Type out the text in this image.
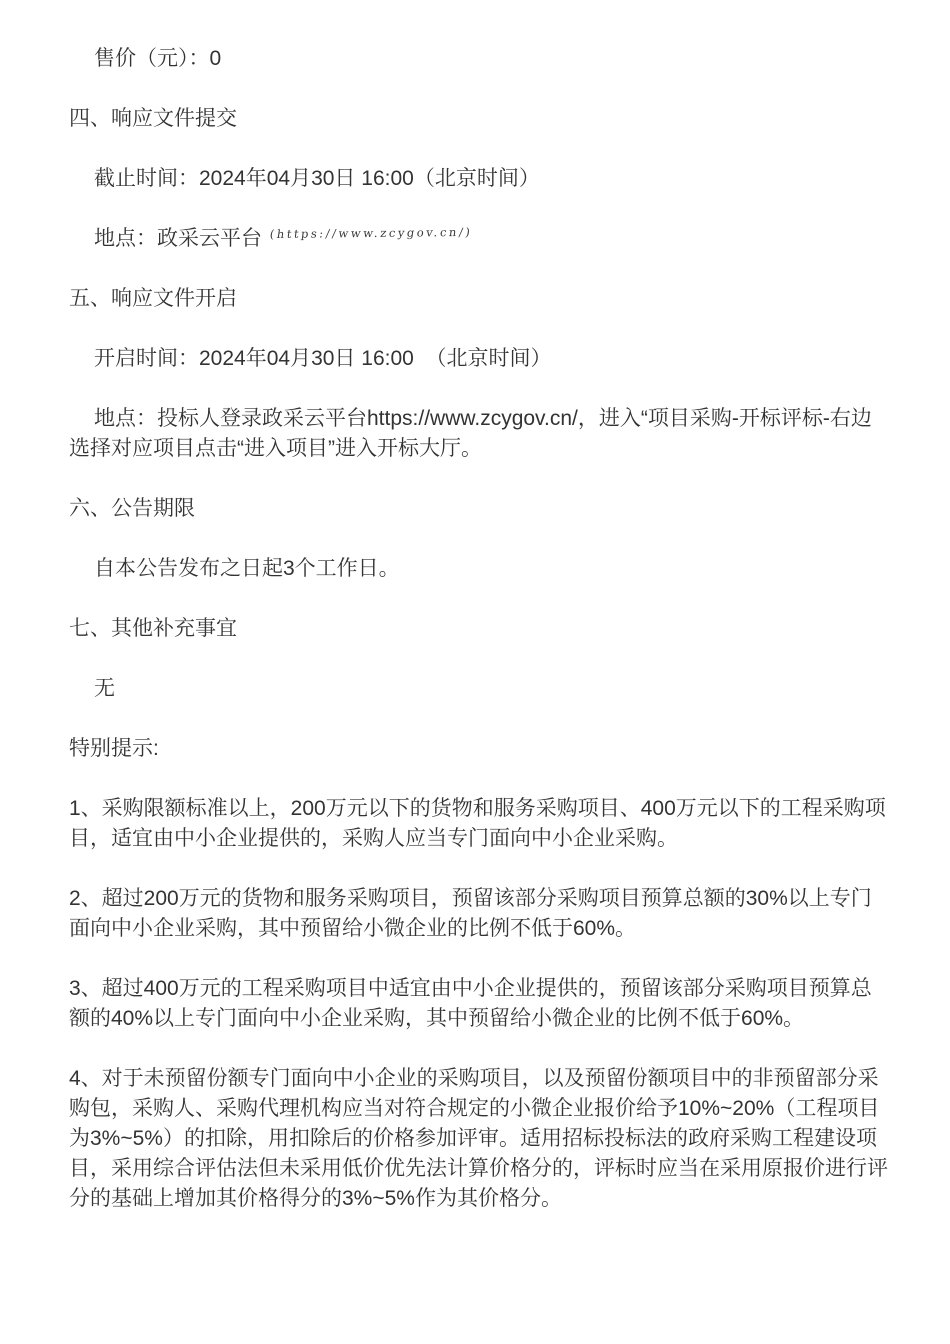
售价（元）：0

四、响应文件提交

截止时间：2024年04月30日 16:00（北京时间）

地点：政采云平台 (https://www.zcygov.cn/)

五、响应文件开启

开启时间：2024年04月30日 16:00  （北京时间）

地点：投标人登录政采云平台https://www.zcygov.cn/，进入“项目采购-开标评标-右边选择对应项目点击“进入项目”进入开标大厅。

六、公告期限

自本公告发布之日起3个工作日。

七、其他补充事宜

无

特别提示:

1、采购限额标准以上，200万元以下的货物和服务采购项目、400万元以下的工程采购项目，适宜由中小企业提供的，采购人应当专门面向中小企业采购。

2、超过200万元的货物和服务采购项目，预留该部分采购项目预算总额的30%以上专门面向中小企业采购，其中预留给小微企业的比例不低于60%。

3、超过400万元的工程采购项目中适宜由中小企业提供的，预留该部分采购项目预算总额的40%以上专门面向中小企业采购，其中预留给小微企业的比例不低于60%。

4、对于未预留份额专门面向中小企业的采购项目，以及预留份额项目中的非预留部分采购包，采购人、采购代理机构应当对符合规定的小微企业报价给予10%~20%（工程项目为3%~5%）的扣除，用扣除后的价格参加评审。适用招标投标法的政府采购工程建设项目，采用综合评估法但未采用低价优先法计算价格分的，评标时应当在采用原报价进行评分的基础上增加其价格得分的3%~5%作为其价格分。
